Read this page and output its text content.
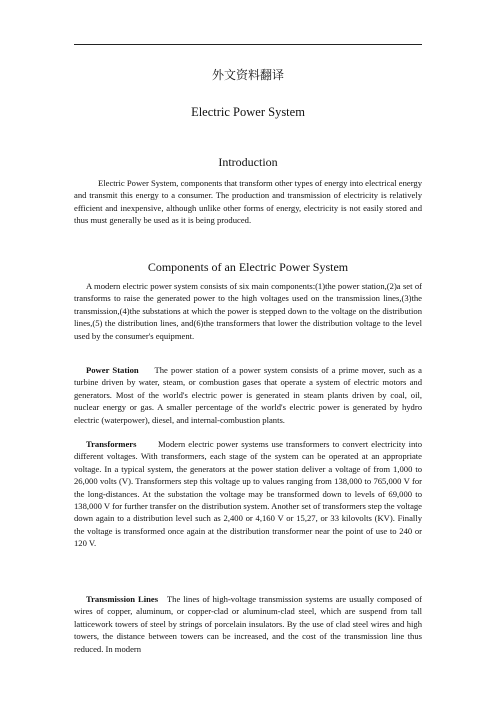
外文资料翻译
Electric Power System
Introduction

Electric Power System, components that transform other types of energy into electrical energy and transmit this energy to a consumer. The production and transmission of electricity is relatively efficient and inexpensive, although unlike other forms of energy, electricity is not easily stored and thus must generally be used as it is being produced.

Components of an Electric Power System

A modern electric power system consists of six main components:(1)the power station,(2)a set of transforms to raise the generated power to the high voltages used on the transmission lines,(3)the transmission,(4)the substations at which the power is stepped down to the voltage on the distribution lines,(5) the distribution lines, and(6)the transformers that lower the distribution voltage to the level used by the consumer's equipment.

Power Station The power station of a power system consists of a prime mover, such as a turbine driven by water, steam, or combustion gases that operate a system of electric motors and generators. Most of the world's electric power is generated in steam plants driven by coal, oil, nuclear energy or gas. A smaller percentage of the world's electric power is generated by hydro electric (waterpower), diesel, and internal-combustion plants.

Transformers	Modern electric power systems use transformers to convert electricity into different voltages. With transformers, each stage of the system can be operated at an appropriate voltage. In a typical system, the generators at the power station deliver a voltage of from 1,000 to 26,000 volts (V). Transformers step this voltage up to values ranging from 138,000 to 765,000 V for the long-distances. At the substation the voltage may be transformed down to levels of 69,000 to 138,000 V for further transfer on the distribution system. Another set of transformers step the voltage down again to a distribution level such as 2,400 or 4,160 V or 15,27, or 33 kilovolts (KV). Finally the voltage is transformed once again at the distribution transformer near the point of use to 240 or 120 V.

Transmission Lines The lines of high-voltage transmission systems are usually composed of wires of copper, aluminum, or copper-clad or aluminum-clad steel, which are suspend from tall latticework towers of steel by strings of porcelain insulators. By the use of clad steel wires and high towers, the distance between towers can be increased, and the cost of the transmission line thus reduced. In modern
